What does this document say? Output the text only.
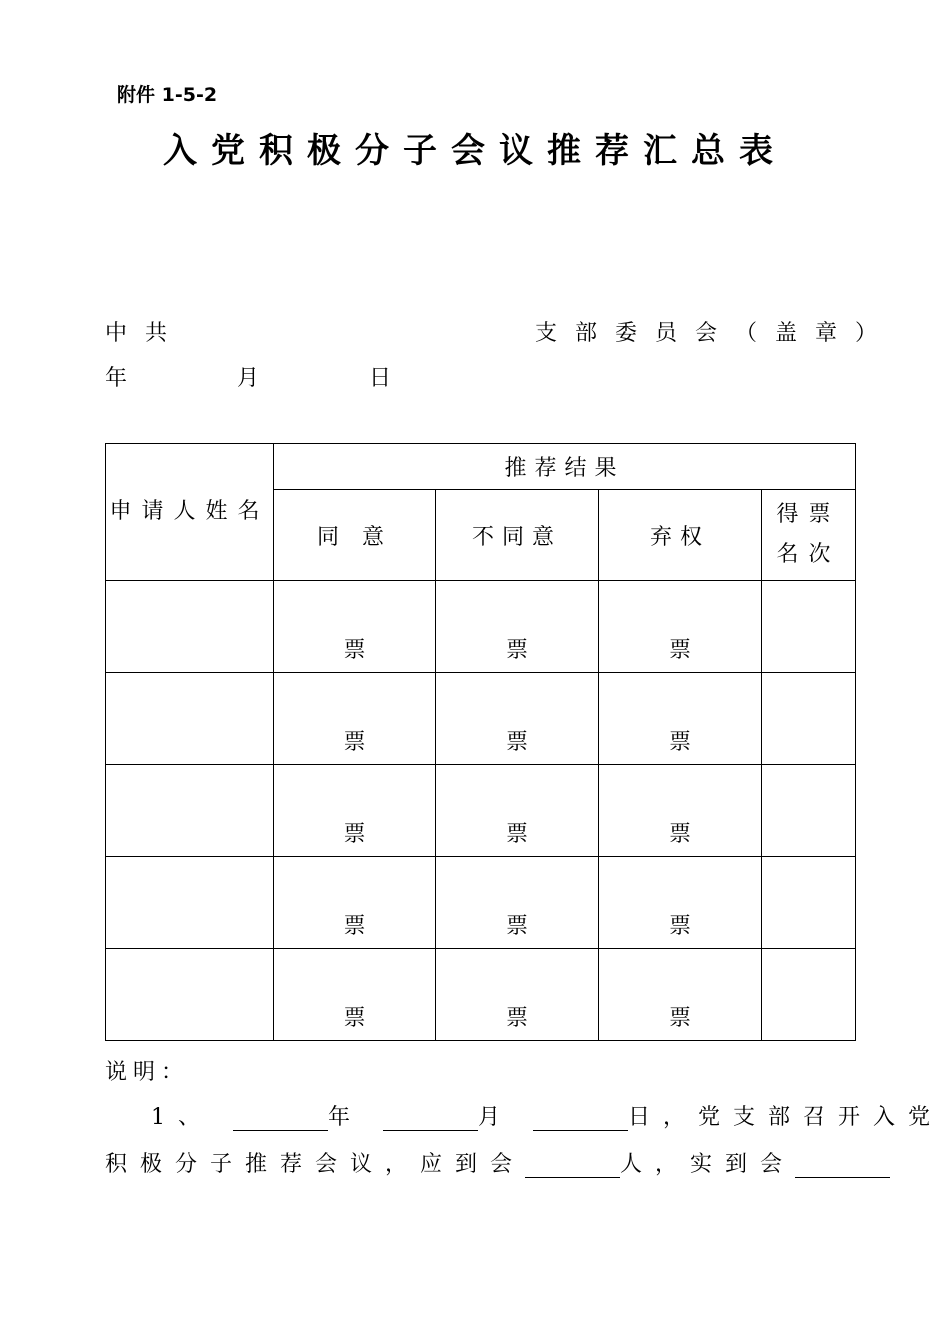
附件 1-5-2
入党积极分子会议推荐汇总表
中共	支部委员会（盖章）
年	月	日
申请人姓名	推荐结果			
	同 意	不同意	弃权	得票名次

	票	票	票	

	票	票	票	

	票	票	票	

	票	票	票	

	票	票	票	

说明：
1、	年	月	日，党支部召开入党
积极分子推荐会议，应到会	人，实到会
